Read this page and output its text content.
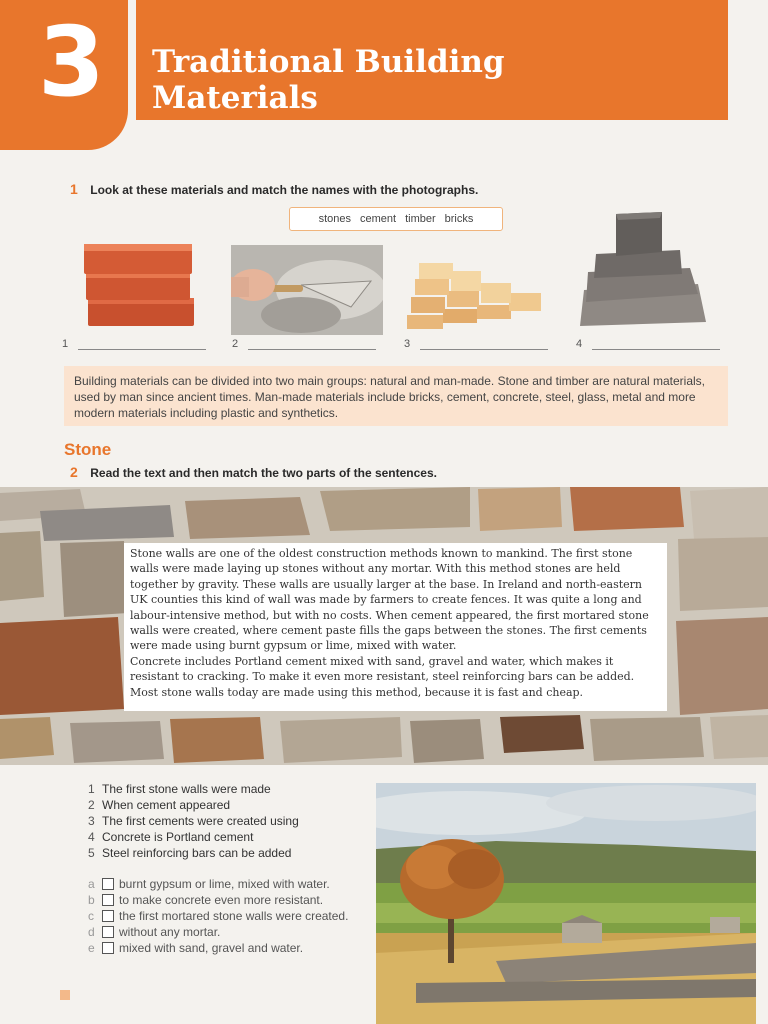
3 Traditional Building
Materials
1 Look at these materials and match the names with the photographs.
stones cement timber bricks
1	2	3	4
Building materials can be divided into two main groups: natural and man-made. Stone and timber are natural materials, used by man since ancient times. Man-made materials include bricks, cement, concrete, steel, glass, metal and more modern materials including plastic and synthetics.
Stone
2 Read the text and then match the two parts of the sentences.

Stone walls are one of the oldest construction methods known to mankind. The first stone walls were made laying up stones without any mortar. With this method stones are held together by gravity. These walls are usually larger at the base. In Ireland and north-eastern UK counties this kind of wall was made by farmers to create fences. It was quite a long and labour-intensive method, but with no costs. When cement appeared, the first mortared stone walls were created, where cement paste fills the gaps between the stones. The first cements were made using burnt gypsum or lime, mixed with water.

Concrete includes Portland cement mixed with sand, gravel and water, which makes it resistant to cracking. To make it even more resistant, steel reinforcing bars can be added. Most stone walls today are made using this method, because it is fast and cheap.

1 The first stone walls were made
2 When cement appeared
3 The first cements were created using
4 Concrete is Portland cement
5 Steel reinforcing bars can be added
a	burnt gypsum or lime, mixed with water.
b	to make concrete even more resistant.
c	the first mortared stone walls were created.
d	without any mortar.
e	mixed with sand, gravel and water.
